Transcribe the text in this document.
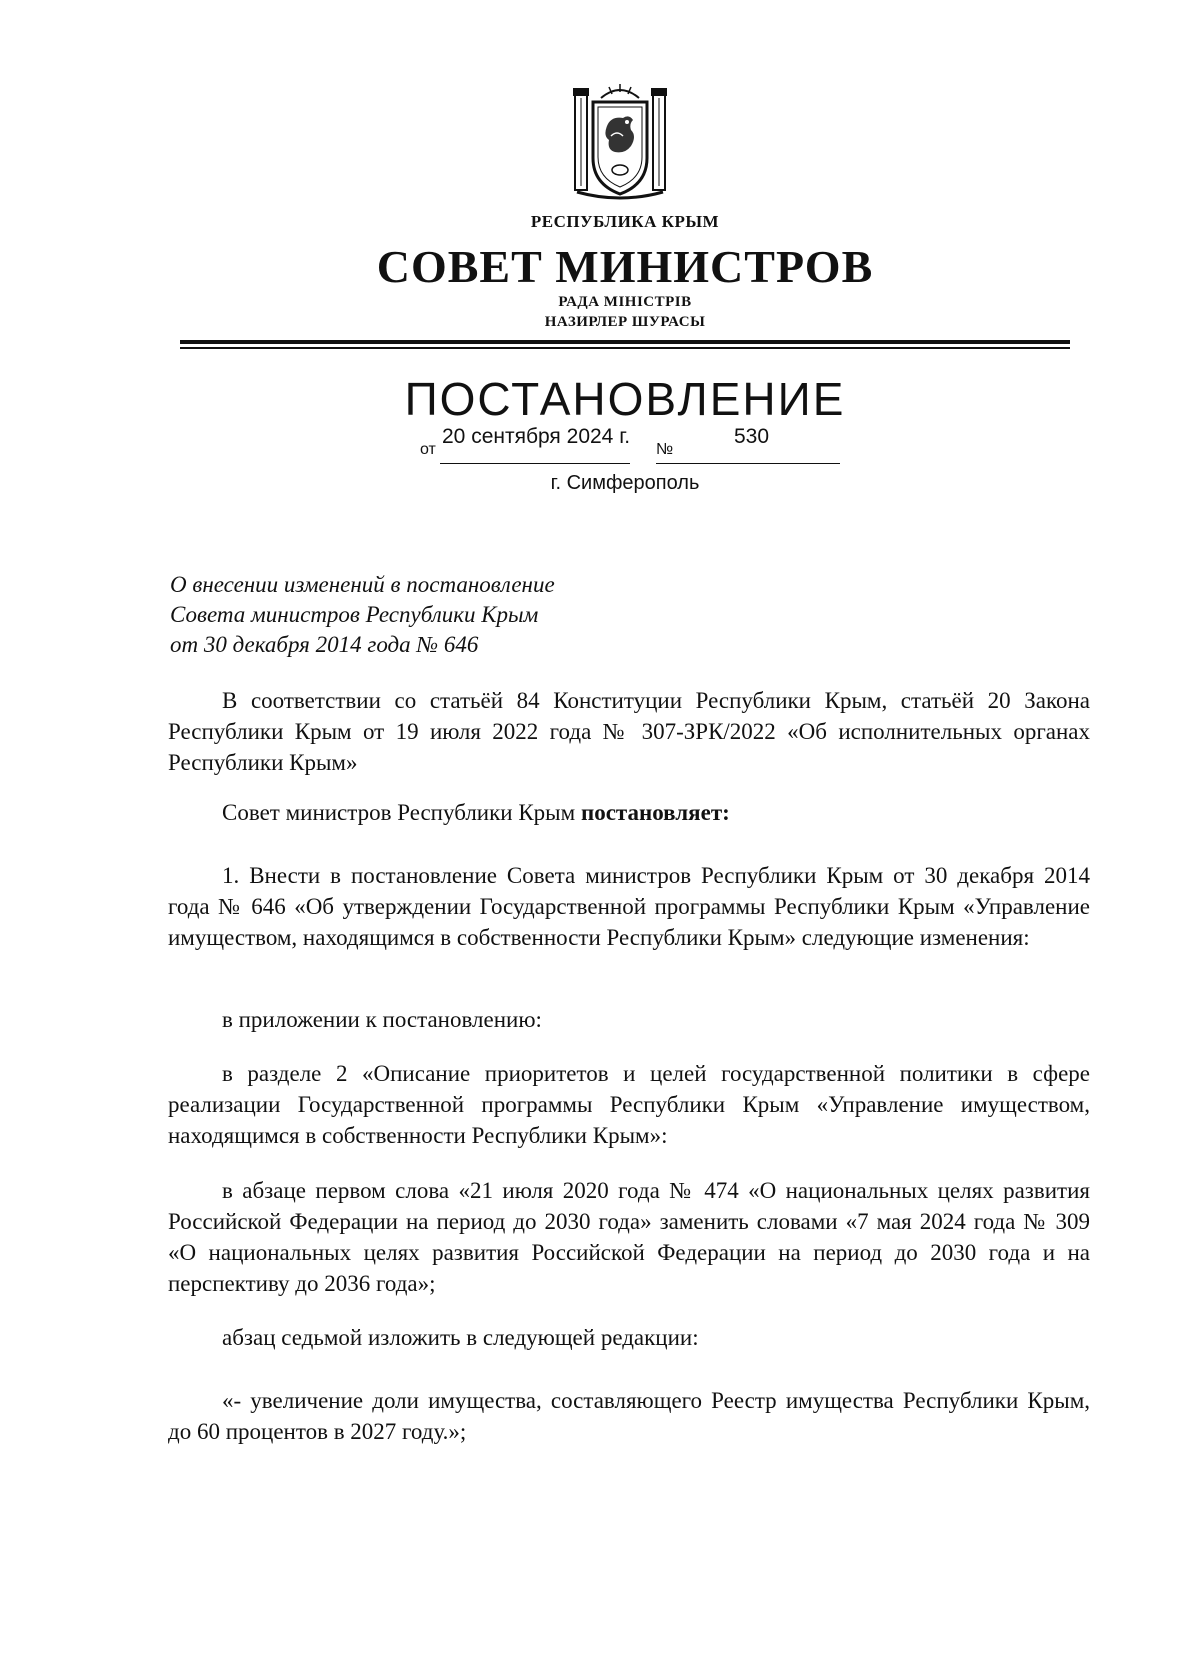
РЕСПУБЛИКА КРЫМ
СОВЕТ МИНИСТРОВ
РАДА МІНІСТРІВ
НАЗИРЛЕР ШУРАСЫ
ПОСТАНОВЛЕНИЕ
от
20 сентября 2024 г.
№
530
г. Симферополь
О внесении изменений в постановление
Совета министров Республики Крым
от 30 декабря 2014 года № 646
В соответствии со статьёй 84 Конституции Республики Крым, статьёй 20 Закона Республики Крым от 19 июля 2022 года № 307-ЗРК/2022 «Об исполнительных органах Республики Крым»
Совет министров Республики Крым постановляет:
1. Внести в постановление Совета министров Республики Крым от 30 декабря 2014 года № 646 «Об утверждении Государственной программы Республики Крым «Управление имуществом, находящимся в собственности Республики Крым» следующие изменения:
в приложении к постановлению:
в разделе 2 «Описание приоритетов и целей государственной политики в сфере реализации Государственной программы Республики Крым «Управление имуществом, находящимся в собственности Республики Крым»:
в абзаце первом слова «21 июля 2020 года № 474 «О национальных целях развития Российской Федерации на период до 2030 года» заменить словами «7 мая 2024 года № 309 «О национальных целях развития Российской Федерации на период до 2030 года и на перспективу до 2036 года»;
абзац седьмой изложить в следующей редакции:
«- увеличение доли имущества, составляющего Реестр имущества Республики Крым, до 60 процентов в 2027 году.»;
